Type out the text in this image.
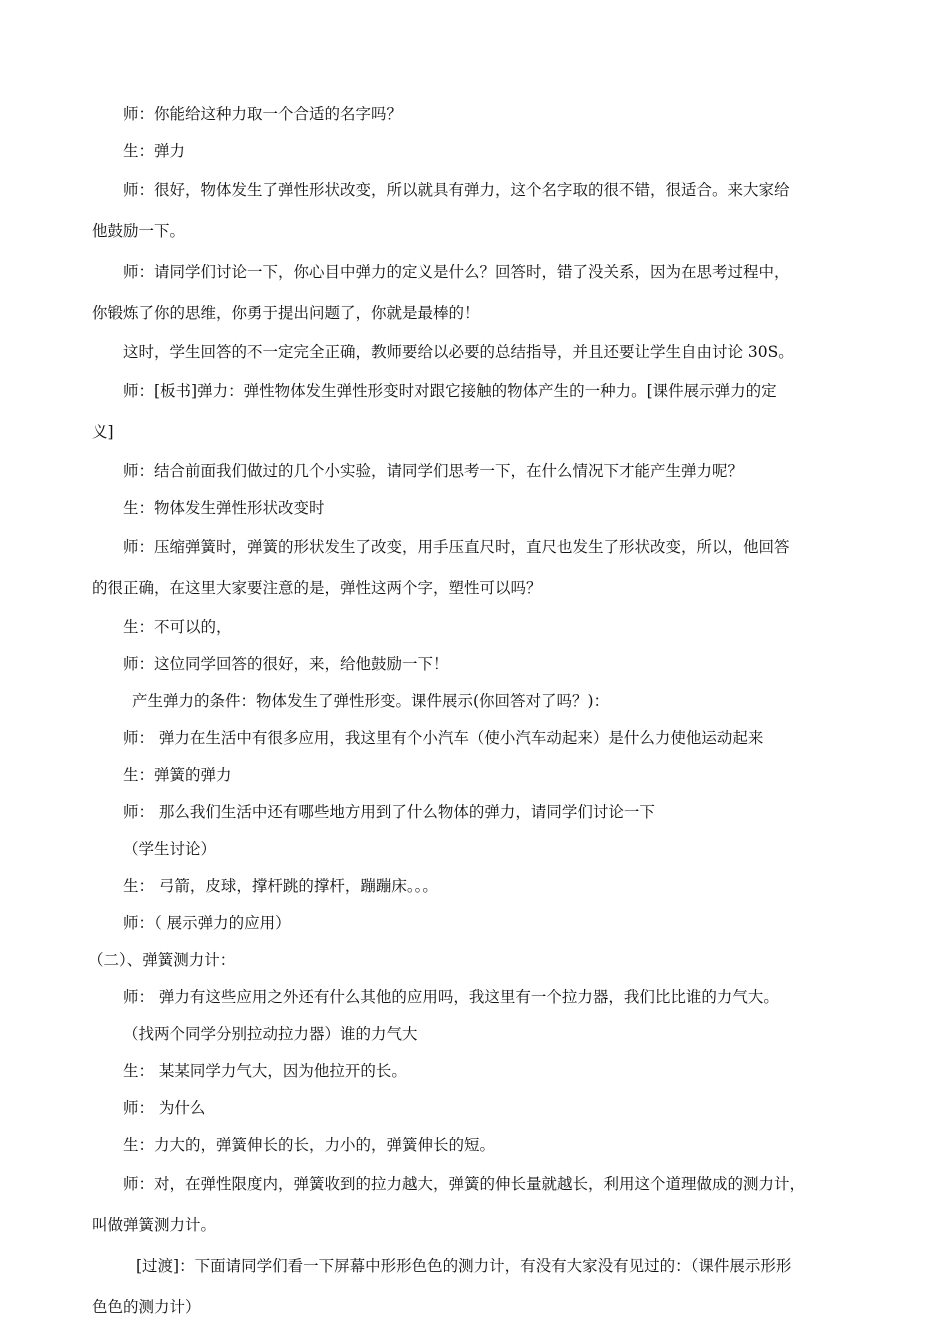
师：你能给这种力取一个合适的名字吗？

生：弹力

师：很好，物体发生了弹性形状改变，所以就具有弹力，这个名字取的很不错，很适合。来大家给

他鼓励一下。

师：请同学们讨论一下，你心目中弹力的定义是什么？回答时，错了没关系，因为在思考过程中，

你锻炼了你的思维，你勇于提出问题了，你就是最棒的！

这时，学生回答的不一定完全正确，教师要给以必要的总结指导，并且还要让学生自由讨论 30S。

师：[板书]弹力：弹性物体发生弹性形变时对跟它接触的物体产生的一种力。[课件展示弹力的定

义]

师：结合前面我们做过的几个小实验，请同学们思考一下，在什么情况下才能产生弹力呢？

生：物体发生弹性形状改变时

师：压缩弹簧时，弹簧的形状发生了改变，用手压直尺时，直尺也发生了形状改变，所以，他回答

的很正确，在这里大家要注意的是，弹性这两个字，塑性可以吗？

生：不可以的，

师：这位同学回答的很好，来，给他鼓励一下！

产生弹力的条件：物体发生了弹性形变。课件展示(你回答对了吗？)：

师： 弹力在生活中有很多应用，我这里有个小汽车（使小汽车动起来）是什么力使他运动起来

生：弹簧的弹力

师： 那么我们生活中还有哪些地方用到了什么物体的弹力，请同学们讨论一下

（学生讨论）

生： 弓箭，皮球，撑杆跳的撑杆，蹦蹦床。。。

师：（ 展示弹力的应用）

（二）、弹簧测力计：

师： 弹力有这些应用之外还有什么其他的应用吗，我这里有一个拉力器，我们比比谁的力气大。

（找两个同学分别拉动拉力器）谁的力气大

生： 某某同学力气大，因为他拉开的长。

师： 为什么

生：力大的，弹簧伸长的长，力小的，弹簧伸长的短。

师：对，在弹性限度内，弹簧收到的拉力越大，弹簧的伸长量就越长，利用这个道理做成的测力计，

叫做弹簧测力计。

[过渡]：下面请同学们看一下屏幕中形形色色的测力计，有没有大家没有见过的：（课件展示形形

色色的测力计）
